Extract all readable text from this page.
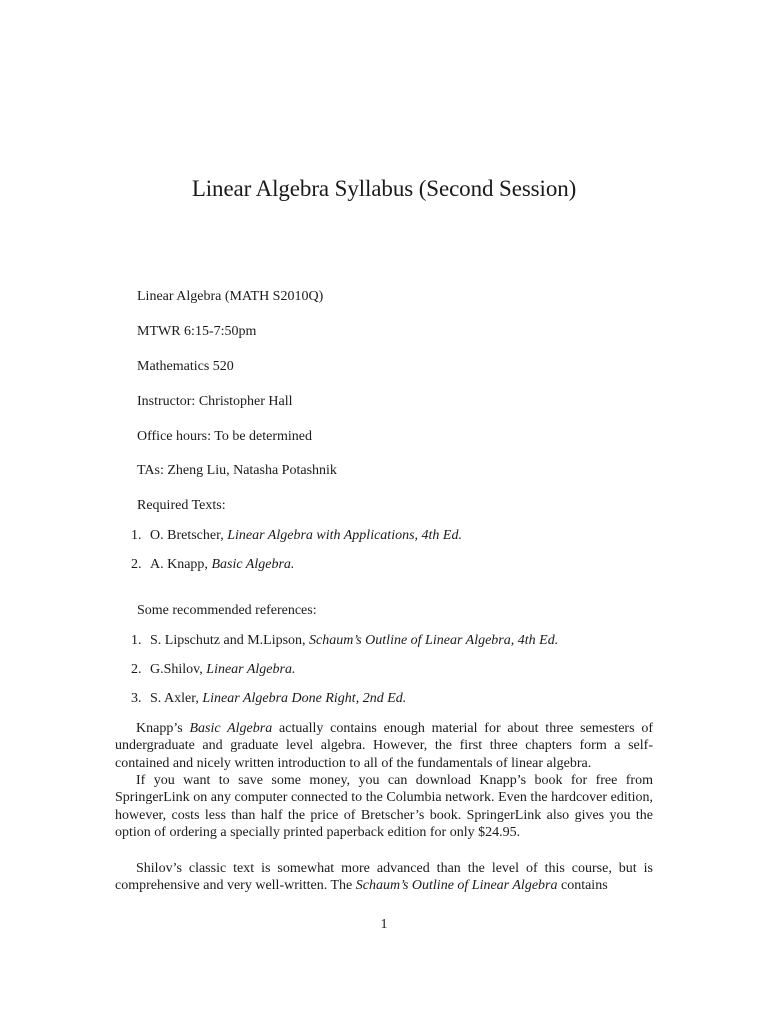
Linear Algebra Syllabus (Second Session)

Linear Algebra (MATH S2010Q)

MTWR 6:15-7:50pm

Mathematics 520

Instructor: Christopher Hall

Office hours: To be determined

TAs: Zheng Liu, Natasha Potashnik

Required Texts:

1. O. Bretscher, Linear Algebra with Applications, 4th Ed.

2. A. Knapp, Basic Algebra.

Some recommended references:

1. S. Lipschutz and M.Lipson, Schaum’s Outline of Linear Algebra, 4th Ed.

2. G.Shilov, Linear Algebra.

3. S. Axler, Linear Algebra Done Right, 2nd Ed.

Knapp’s Basic Algebra actually contains enough material for about three semesters of undergraduate and graduate level algebra. However, the first three chapters form a self-contained and nicely written introduction to all of the fundamentals of linear algebra.

If you want to save some money, you can download Knapp’s book for free from SpringerLink on any computer connected to the Columbia network. Even the hardcover edition, however, costs less than half the price of Bretscher’s book. SpringerLink also gives you the option of ordering a specially printed paperback edition for only $24.95.

Shilov’s classic text is somewhat more advanced than the level of this course, but is comprehensive and very well-written. The Schaum’s Outline of Linear Algebra contains

1
